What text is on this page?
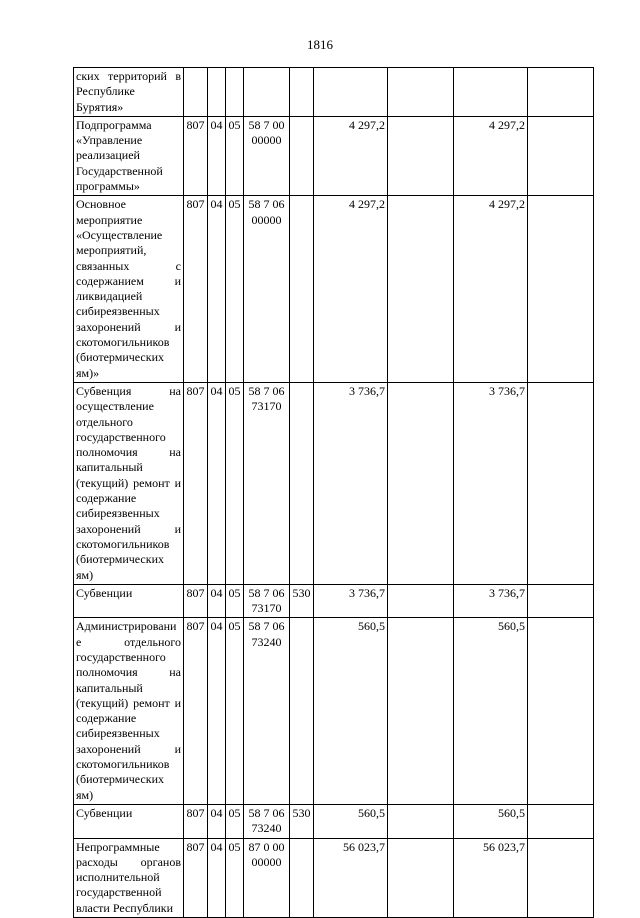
1816
ских территорий в Республике Бурятия»									
Подпрограмма «Управление реализацией Государственной программы»	807	04	05	58 7 00 00000		4 297,2		4 297,2	
Основное мероприятие «Осуществление мероприятий, связанных с содержанием и ликвидацией сибиреязвенных захоронений и скотомогильников (биотермических ям)»	807	04	05	58 7 06 00000		4 297,2		4 297,2	
Субвенция на осуществление отдельного государственного полномочия на капитальный (текущий) ремонт и содержание сибиреязвенных захоронений и скотомогильников (биотермических ям)	807	04	05	58 7 06 73170		3 736,7		3 736,7	
Субвенции	807	04	05	58 7 06 73170	530	3 736,7		3 736,7	
Администрирование отдельного государственного полномочия на капитальный (текущий) ремонт и содержание сибиреязвенных захоронений и скотомогильников (биотермических ям)	807	04	05	58 7 06 73240		560,5		560,5	
Субвенции	807	04	05	58 7 06 73240	530	560,5		560,5	
Непрограммные расходы органов исполнительной государственной власти Республики	807	04	05	87 0 00 00000		56 023,7		56 023,7	
